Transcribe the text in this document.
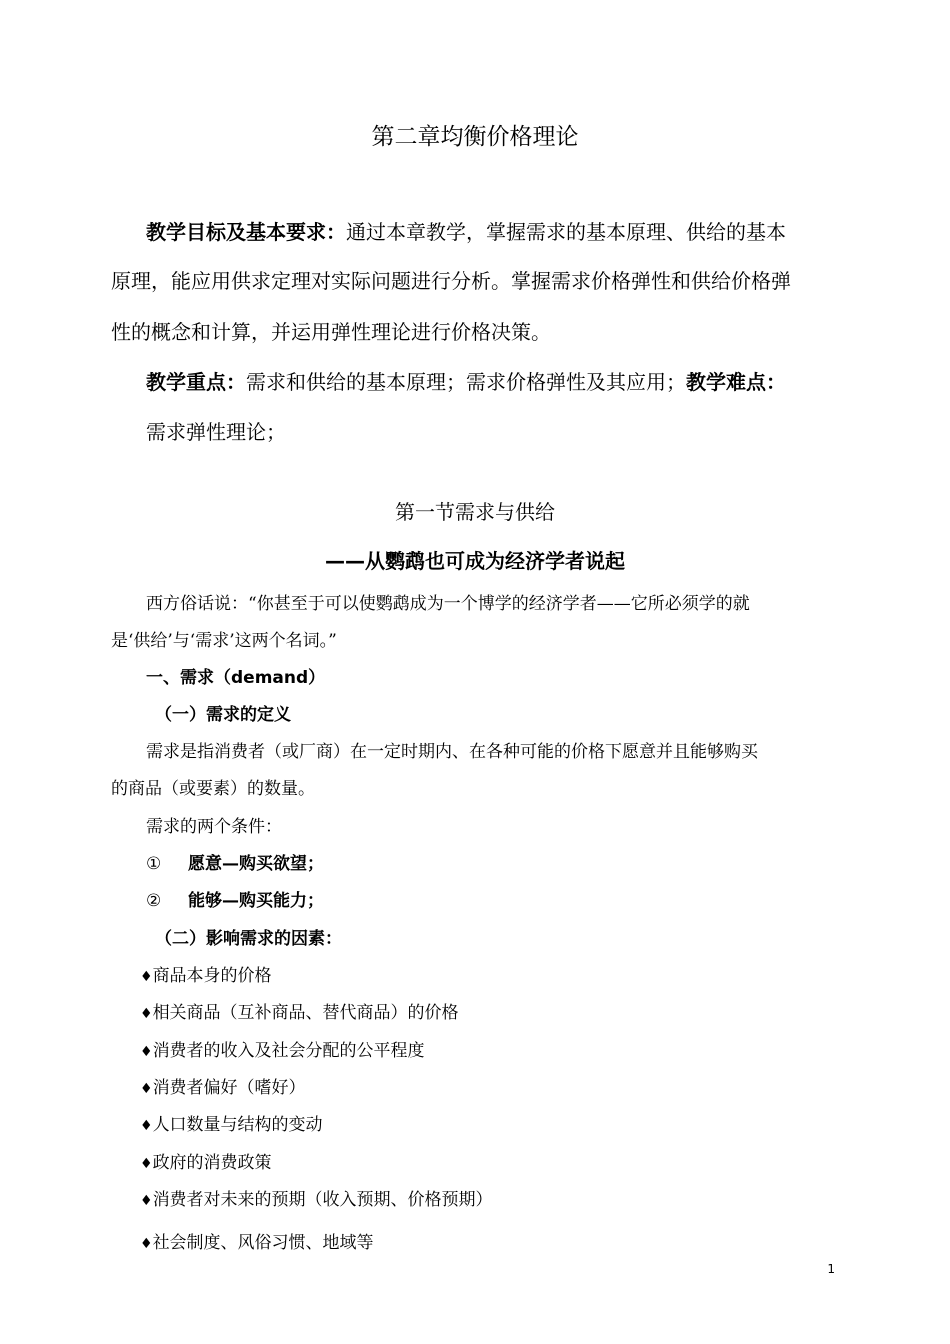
第二章均衡价格理论
教学目标及基本要求：通过本章教学，掌握需求的基本原理、供给的基本
原理，能应用供求定理对实际问题进行分析。掌握需求价格弹性和供给价格弹
性的概念和计算，并运用弹性理论进行价格决策。
教学重点：需求和供给的基本原理；需求价格弹性及其应用；教学难点：
需求弹性理论；
第一节需求与供给
——从鹦鹉也可成为经济学者说起
西方俗话说：“你甚至于可以使鹦鹉成为一个博学的经济学者——它所必须学的就
是‘供给’与‘需求’这两个名词。”
一、需求（demand）
（一）需求的定义
需求是指消费者（或厂商）在一定时期内、在各种可能的价格下愿意并且能够购买
的商品（或要素）的数量。
需求的两个条件：
① 愿意—购买欲望；
② 能够—购买能力；
（二）影响需求的因素：
♦商品本身的价格
♦相关商品（互补商品、替代商品）的价格
♦消费者的收入及社会分配的公平程度
♦消费者偏好（嗜好）
♦人口数量与结构的变动
♦政府的消费政策
♦消费者对未来的预期（收入预期、价格预期）
♦社会制度、风俗习惯、地域等
1
